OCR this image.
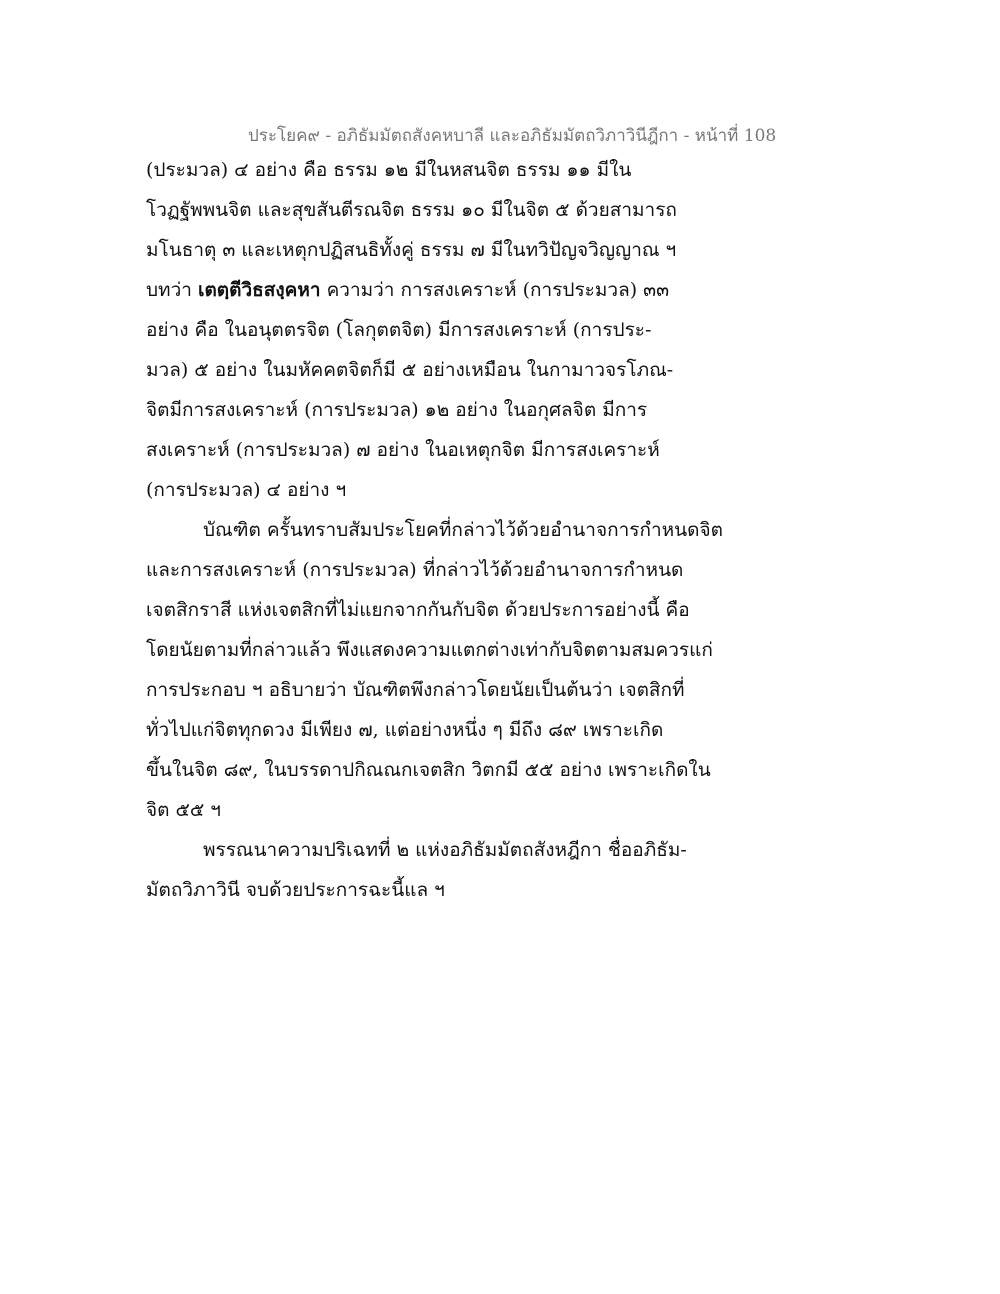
ประโยค๙ - อภิธัมมัตถสังคหบาลี และอภิธัมมัตถวิภาวินีฎีกา - หน้าที่ 108
(ประมวล) ๔ อย่าง คือ ธรรม ๑๒ มีในหสนจิต ธรรม ๑๑ มีใน
โวฏฐัพพนจิต และสุขสันตีรณจิต ธรรม ๑๐ มีในจิต ๕ ด้วยสามารถ
มโนธาตุ ๓ และเหตุกปฏิสนธิทั้งคู่ ธรรม ๗ มีในทวิปัญจวิญญาณ ฯ
บทว่า เตตฺตีวิธสงฺคหา ความว่า การสงเคราะห์ (การประมวล) ๓๓
อย่าง คือ ในอนุตตรจิต (โลกุตตจิต) มีการสงเคราะห์ (การประ-
มวล) ๕ อย่าง ในมหัคคตจิตก็มี ๕ อย่างเหมือน ในกามาวจรโภณ-
จิตมีการสงเคราะห์ (การประมวล) ๑๒ อย่าง ในอกุศลจิต มีการ
สงเคราะห์ (การประมวล) ๗ อย่าง ในอเหตุกจิต มีการสงเคราะห์
(การประมวล) ๔ อย่าง ฯ
บัณฑิต ครั้นทราบสัมประโยคที่กล่าวไว้ด้วยอำนาจการกำหนดจิต
และการสงเคราะห์ (การประมวล) ที่กล่าวไว้ด้วยอำนาจการกำหนด
เจตสิกราสี แห่งเจตสิกที่ไม่แยกจากกันกับจิต ด้วยประการอย่างนี้ คือ
โดยนัยตามที่กล่าวแล้ว พึงแสดงความแตกต่างเท่ากับจิตตามสมควรแก่
การประกอบ ฯ อธิบายว่า บัณฑิตพึงกล่าวโดยนัยเป็นต้นว่า เจตสิกที่
ทั่วไปแก่จิตทุกดวง มีเพียง ๗, แต่อย่างหนึ่ง ๆ มีถึง ๘๙ เพราะเกิด
ขึ้นในจิต ๘๙, ในบรรดาปกิณณกเจตสิก วิตกมี ๕๕ อย่าง เพราะเกิดใน
จิต ๕๕ ฯ
พรรณนาความปริเฉทที่ ๒ แห่งอภิธัมมัตถสังหฎีกา ชื่ออภิธัม-
มัตถวิภาวินี จบด้วยประการฉะนี้แล ฯ
